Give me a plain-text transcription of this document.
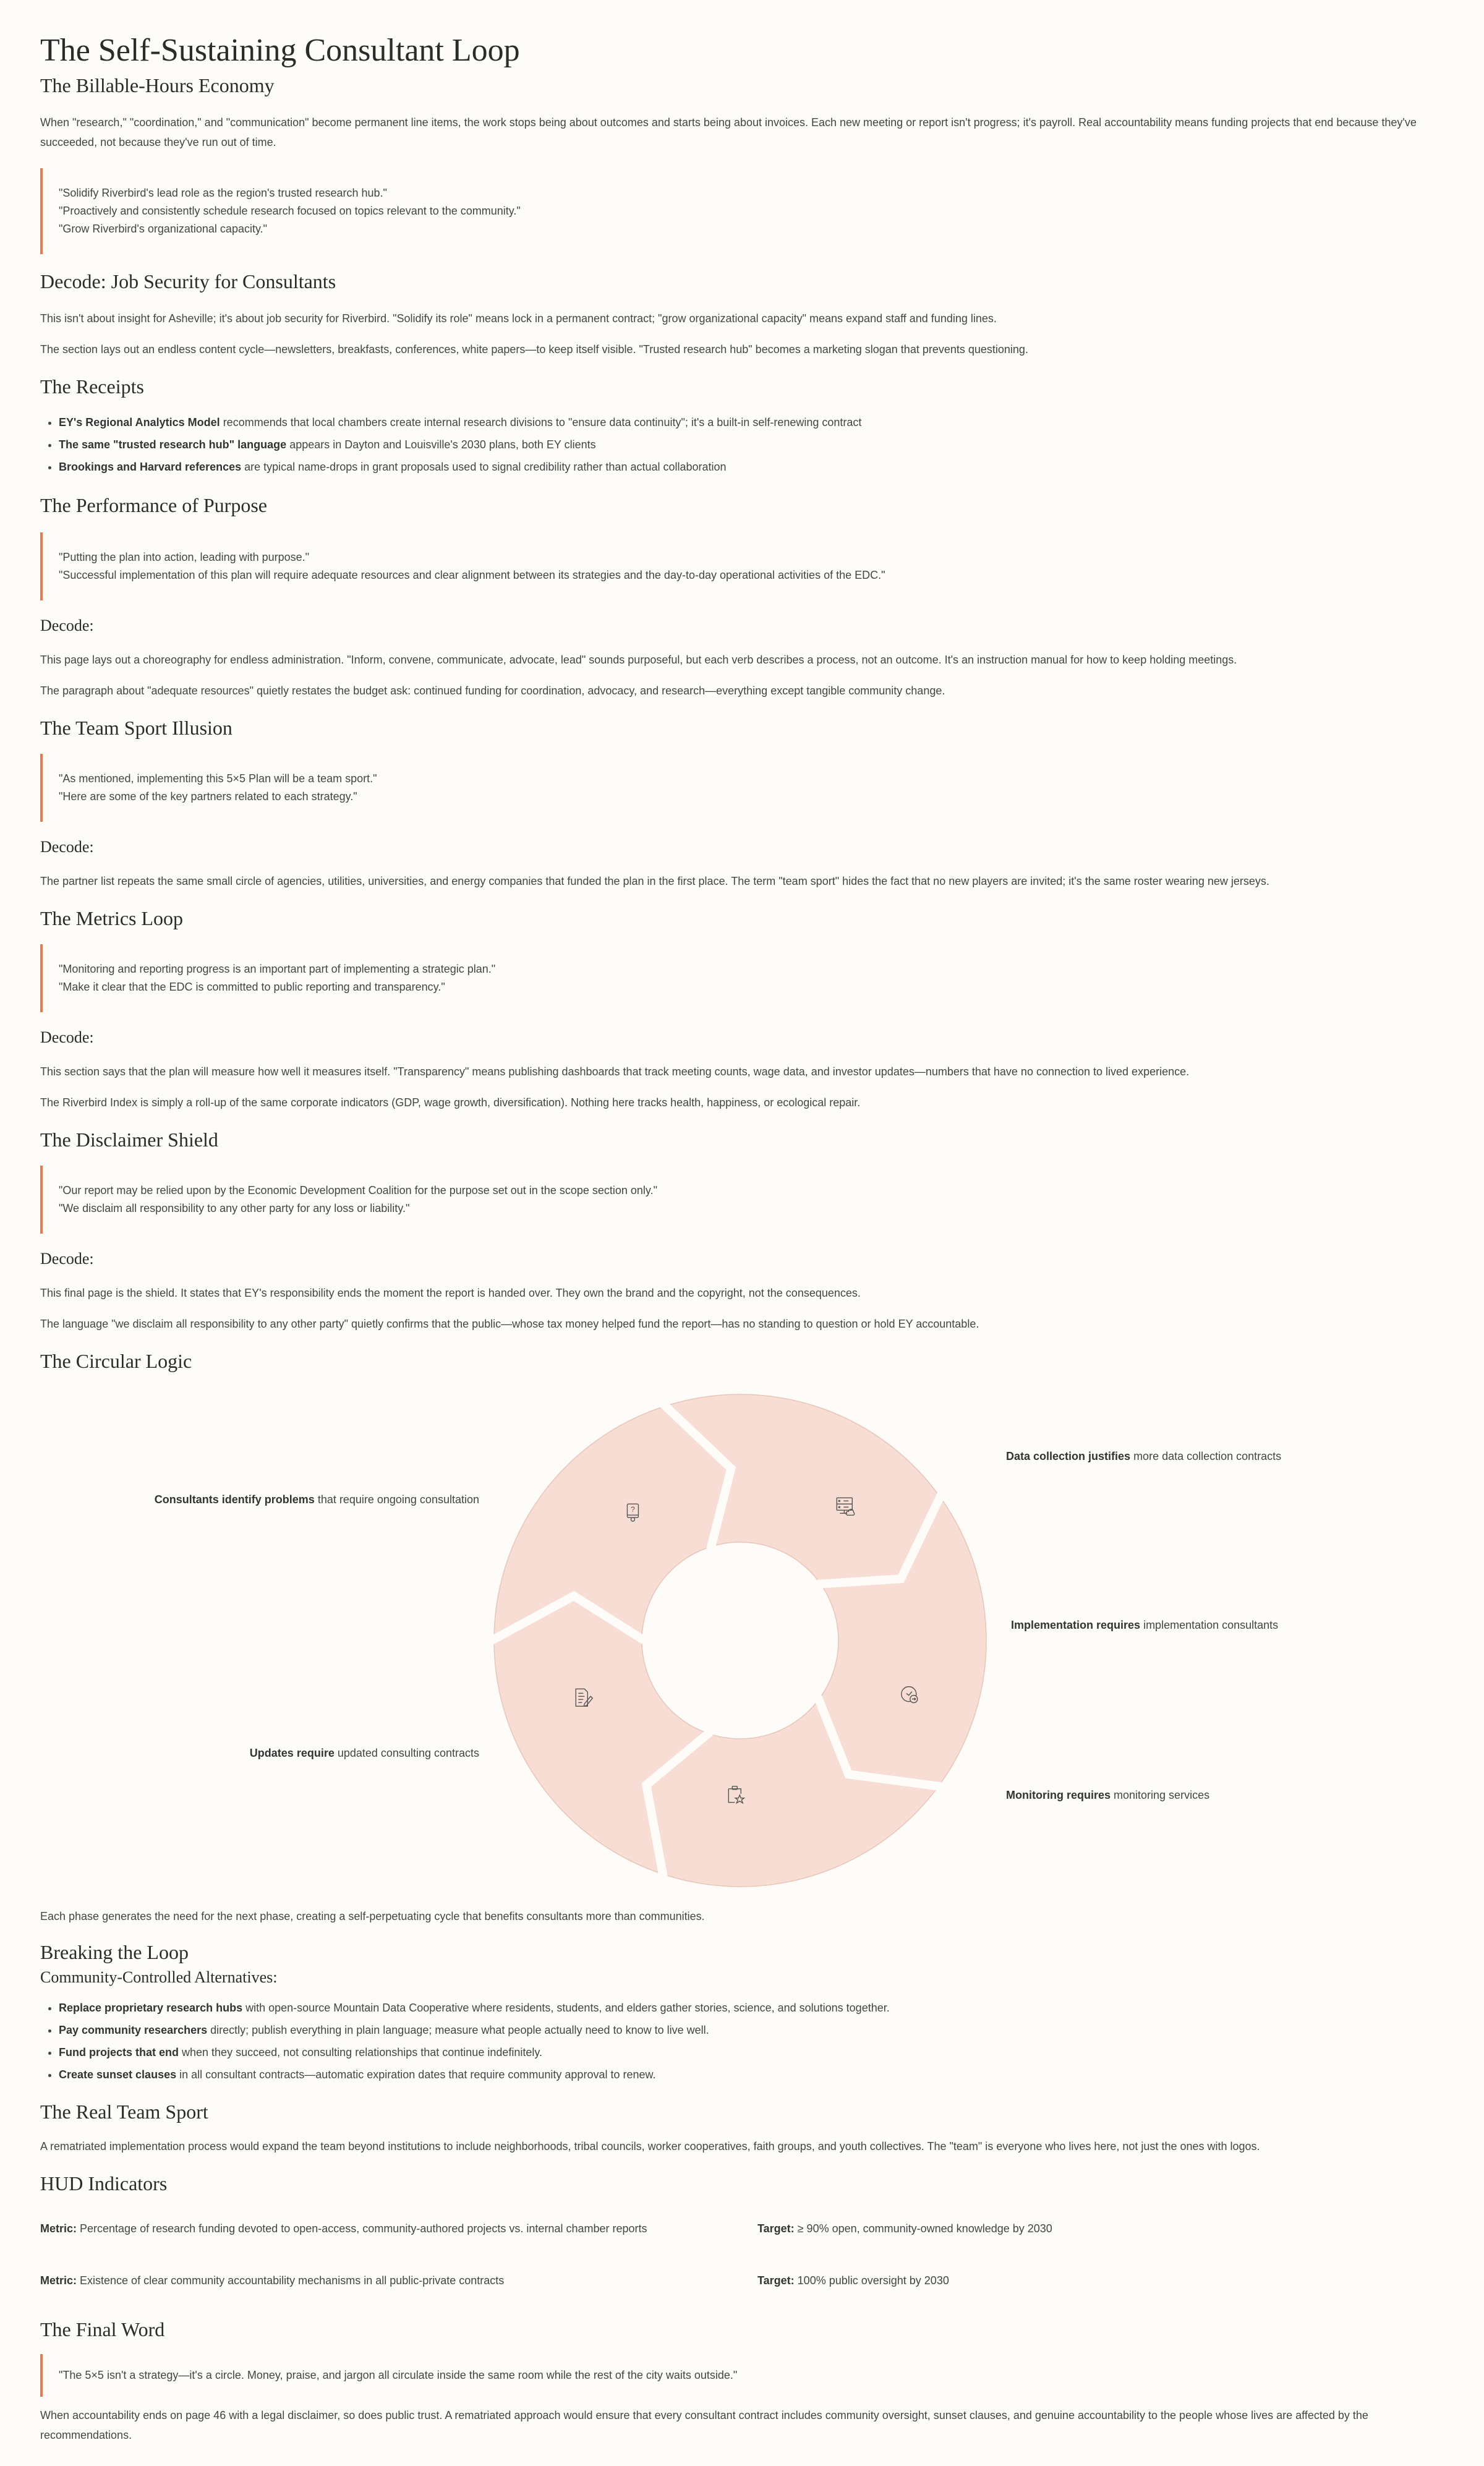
The Self-Sustaining Consultant Loop
The Billable-Hours Economy

When "research," "coordination," and "communication" become permanent line items, the work stops being about outcomes and starts being about invoices. Each new meeting or report isn't progress; it's payroll. Real accountability means funding projects that end because they've succeeded, not because they've run out of time.

"Solidify Riverbird's lead role as the region's trusted research hub."
"Proactively and consistently schedule research focused on topics relevant to the community."
"Grow Riverbird's organizational capacity."
Decode: Job Security for Consultants

This isn't about insight for Asheville; it's about job security for Riverbird. "Solidify its role" means lock in a permanent contract; "grow organizational capacity" means expand staff and funding lines.

The section lays out an endless content cycle—newsletters, breakfasts, conferences, white papers—to keep itself visible. "Trusted research hub" becomes a marketing slogan that prevents questioning.

The Receipts
• EY's Regional Analytics Model recommends that local chambers create internal research divisions to "ensure data continuity"; it's a built-in self-renewing contract
• The same "trusted research hub" language appears in Dayton and Louisville's 2030 plans, both EY clients
• Brookings and Harvard references are typical name-drops in grant proposals used to signal credibility rather than actual collaboration
The Performance of Purpose
"Putting the plan into action, leading with purpose."
"Successful implementation of this plan will require adequate resources and clear alignment between its strategies and the day-to-day operational activities of the EDC."
Decode:

This page lays out a choreography for endless administration. "Inform, convene, communicate, advocate, lead" sounds purposeful, but each verb describes a process, not an outcome. It's an instruction manual for how to keep holding meetings.

The paragraph about "adequate resources" quietly restates the budget ask: continued funding for coordination, advocacy, and research—everything except tangible community change.

The Team Sport Illusion
"As mentioned, implementing this 5×5 Plan will be a team sport."
"Here are some of the key partners related to each strategy."
Decode:

The partner list repeats the same small circle of agencies, utilities, universities, and energy companies that funded the plan in the first place. The term "team sport" hides the fact that no new players are invited; it's the same roster wearing new jerseys.

The Metrics Loop
"Monitoring and reporting progress is an important part of implementing a strategic plan."
"Make it clear that the EDC is committed to public reporting and transparency."
Decode:

This section says that the plan will measure how well it measures itself. "Transparency" means publishing dashboards that track meeting counts, wage data, and investor updates—numbers that have no connection to lived experience.

The Riverbird Index is simply a roll-up of the same corporate indicators (GDP, wage growth, diversification). Nothing here tracks health, happiness, or ecological repair.

The Disclaimer Shield
"Our report may be relied upon by the Economic Development Coalition for the purpose set out in the scope section only."
"We disclaim all responsibility to any other party for any loss or liability."
Decode:

This final page is the shield. It states that EY's responsibility ends the moment the report is handed over. They own the brand and the copyright, not the consequences.

The language "we disclaim all responsibility to any other party" quietly confirms that the public—whose tax money helped fund the report—has no standing to question or hold EY accountable.

The Circular Logic
?
Data collection justifies more data collection contracts
Implementation requires implementation consultants
Monitoring requires monitoring services
Updates require updated consulting contracts
Consultants identify problems that require ongoing consultation

Each phase generates the need for the next phase, creating a self-perpetuating cycle that benefits consultants more than communities.

Breaking the Loop
Community-Controlled Alternatives:
• Replace proprietary research hubs with open-source Mountain Data Cooperative where residents, students, and elders gather stories, science, and solutions together.
• Pay community researchers directly; publish everything in plain language; measure what people actually need to know to live well.
• Fund projects that end when they succeed, not consulting relationships that continue indefinitely.
• Create sunset clauses in all consultant contracts—automatic expiration dates that require community approval to renew.
The Real Team Sport

A rematriated implementation process would expand the team beyond institutions to include neighborhoods, tribal councils, worker cooperatives, faith groups, and youth collectives. The "team" is everyone who lives here, not just the ones with logos.

HUD Indicators
Metric: Percentage of research funding devoted to open-access, community-authored projects vs. internal chamber reports	Target: ≥ 90% open, community-owned knowledge by 2030
Metric: Existence of clear community accountability mechanisms in all public-private contracts	Target: 100% public oversight by 2030
The Final Word
"The 5×5 isn't a strategy—it's a circle. Money, praise, and jargon all circulate inside the same room while the rest of the city waits outside."

When accountability ends on page 46 with a legal disclaimer, so does public trust. A rematriated approach would ensure that every consultant contract includes community oversight, sunset clauses, and genuine accountability to the people whose lives are affected by the recommendations.
